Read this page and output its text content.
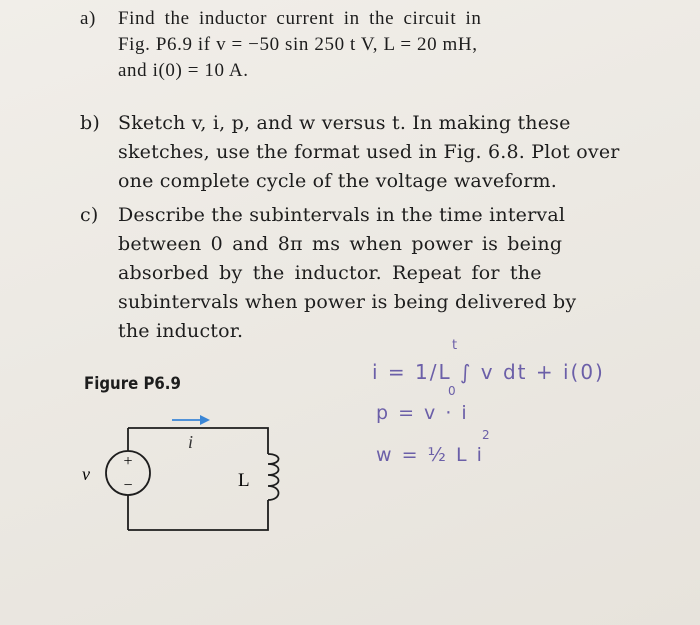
a) Find the inductor current in the circuit in
Fig. P6.9 if v = −50 sin 250 t V, L = 20 mH,
and i(0) = 10 A.
b) Sketch v, i, p, and w versus t. In making these
sketches, use the format used in Fig. 6.8. Plot over
one complete cycle of the voltage waveform.
c) Describe the subintervals in the time interval
between 0 and 8π ms when power is being
absorbed by the inductor. Repeat for the
subintervals when power is being delivered by
the inductor.
Figure P6.9
+
−
v
i
L
i = 1/L ∫ v dt + i(0)
t
0
p = v · i
w = ½ L i
2
